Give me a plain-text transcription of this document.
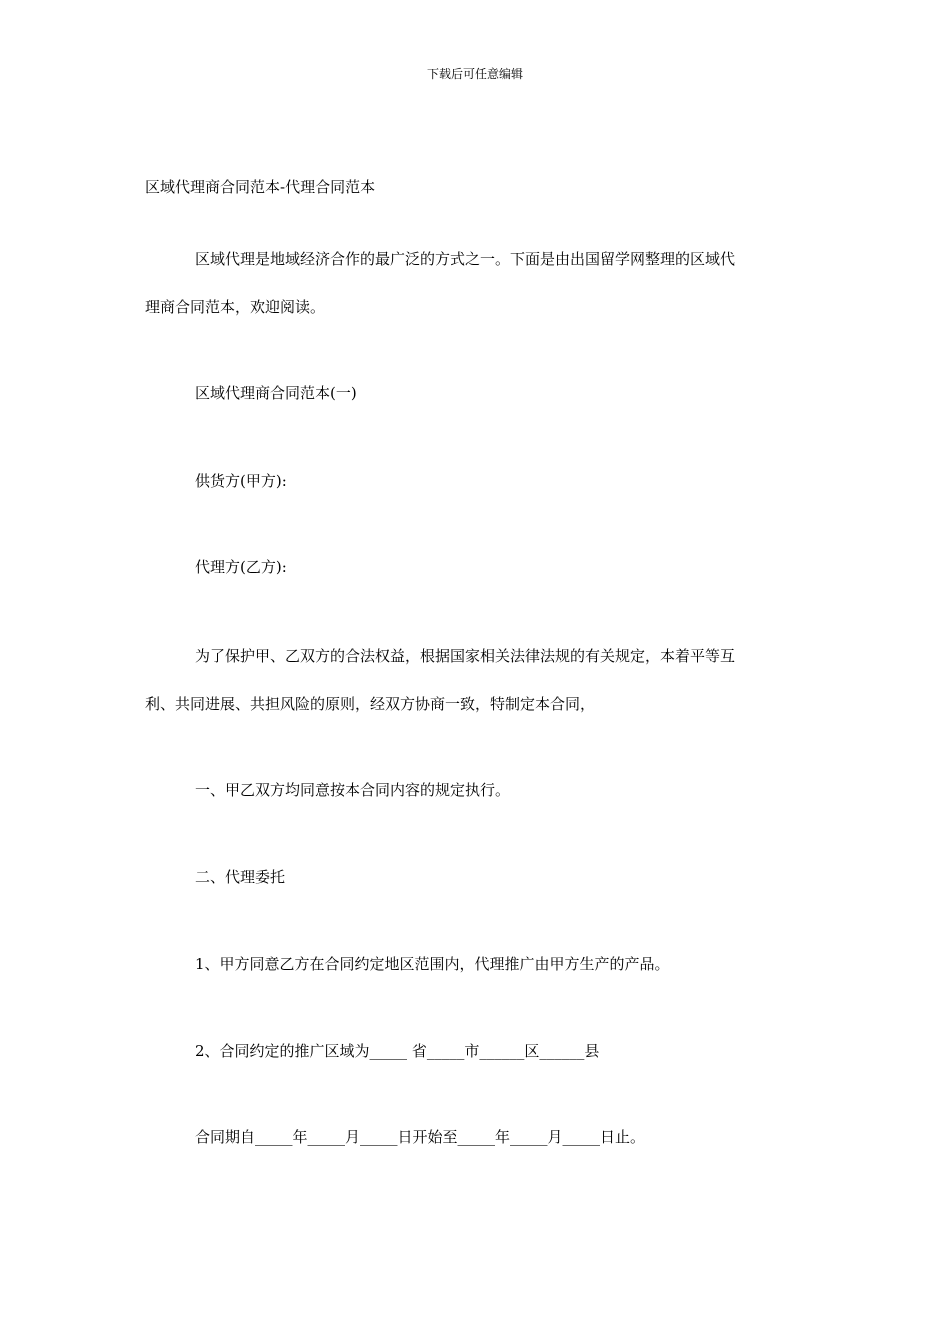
下载后可任意编辑
区域代理商合同范本-代理合同范本
区域代理是地域经济合作的最广泛的方式之一。下面是由出国留学网整理的区域代
理商合同范本，欢迎阅读。
区域代理商合同范本(一)
供货方(甲方):
代理方(乙方):
为了保护甲、乙双方的合法权益，根据国家相关法律法规的有关规定，本着平等互
利、共同进展、共担风险的原则，经双方协商一致，特制定本合同，
一、甲乙双方均同意按本合同内容的规定执行。
二、代理委托
1、甲方同意乙方在合同约定地区范围内，代理推广由甲方生产的产品。
2、合同约定的推广区域为_____ 省_____市______区______县
合同期自_____年_____月_____日开始至_____年_____月_____日止。
